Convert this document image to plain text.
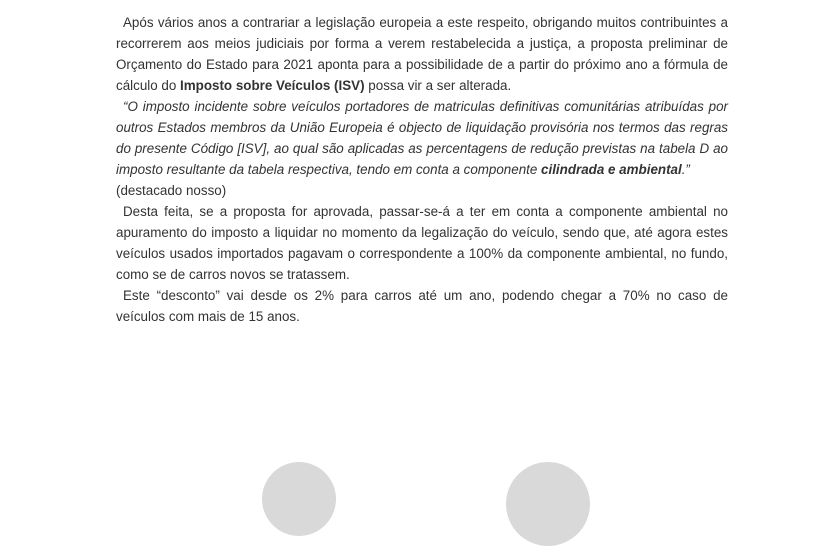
Após vários anos a contrariar a legislação europeia a este respeito, obrigando muitos contribuintes a recorrerem aos meios judiciais por forma a verem restabelecida a justiça, a proposta preliminar de Orçamento do Estado para 2021 aponta para a possibilidade de a partir do próximo ano a fórmula de cálculo do Imposto sobre Veículos (ISV) possa vir a ser alterada.

“O imposto incidente sobre veículos portadores de matriculas definitivas comunitárias atribuídas por outros Estados membros da União Europeia é objecto de liquidação provisória nos termos das regras do presente Código [ISV], ao qual são aplicadas as percentagens de redução previstas na tabela D ao imposto resultante da tabela respectiva, tendo em conta a componente cilindrada e ambiental.”
(destacado nosso)

Desta feita, se a proposta for aprovada, passar-se-á a ter em conta a componente ambiental no apuramento do imposto a liquidar no momento da legalização do veículo, sendo que, até agora estes veículos usados importados pagavam o correspondente a 100% da componente ambiental, no fundo, como se de carros novos se tratassem.

Este “desconto” vai desde os 2% para carros até um ano, podendo chegar a 70% no caso de veículos com mais de 15 anos.
